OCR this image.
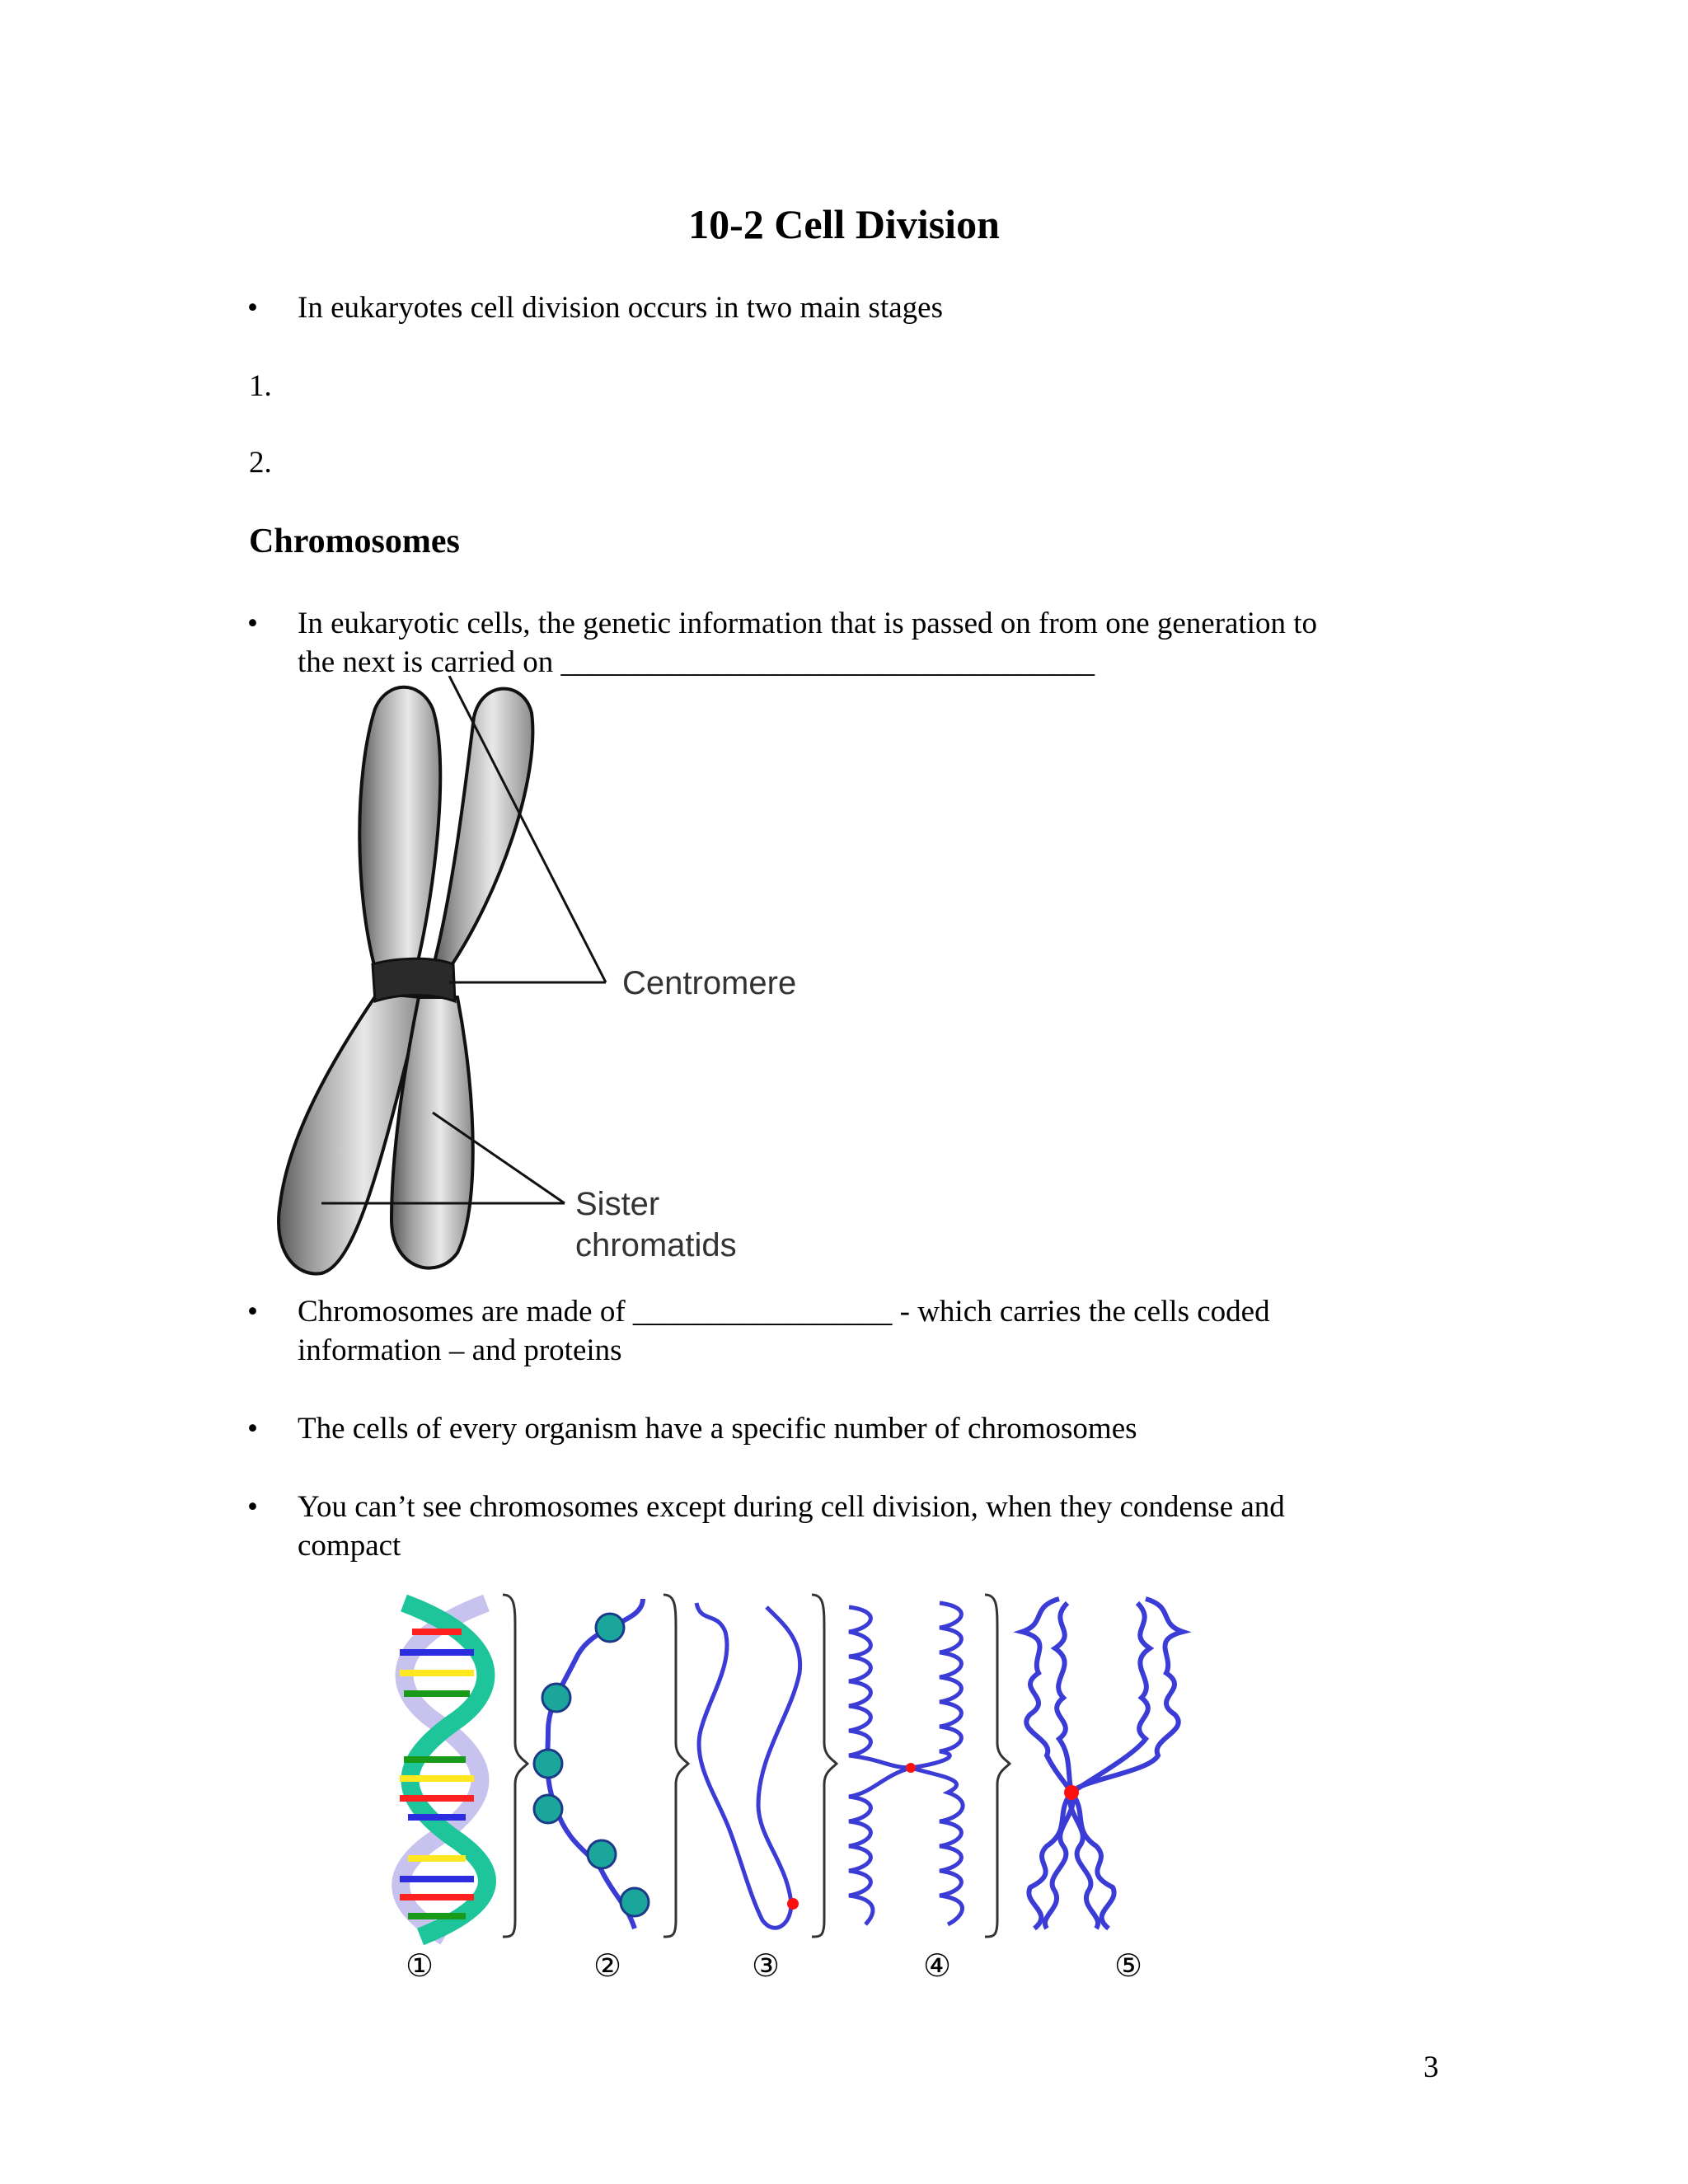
10-2 Cell Division
• In eukaryotes cell division occurs in two main stages
1.
2.
Chromosomes
• In eukaryotic cells, the genetic information that is passed on from one generation to
the next is carried on ___________________________________
Centromere
Sister
chromatids
• Chromosomes are made of _________________ - which carries the cells coded
information – and proteins
• The cells of every organism have a specific number of chromosomes
• You can’t see chromosomes except during cell division, when they condense and
compact
①	②	③	④	⑤
3
